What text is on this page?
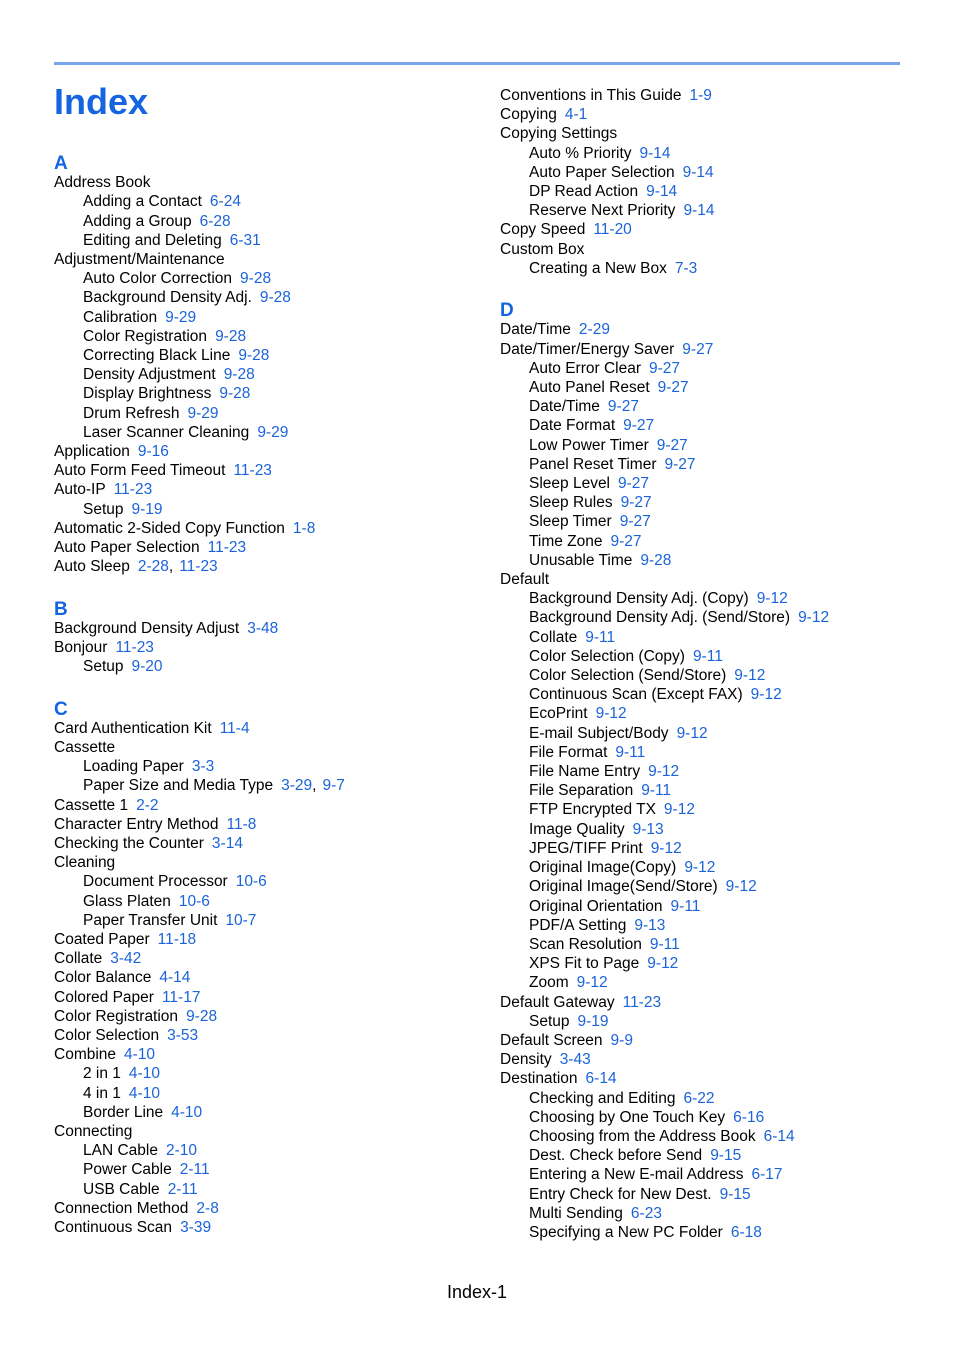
Index
A
Address Book
Adding a Contact 6-24
Adding a Group 6-28
Editing and Deleting 6-31
Adjustment/Maintenance
Auto Color Correction 9-28
Background Density Adj. 9-28
Calibration 9-29
Color Registration 9-28
Correcting Black Line 9-28
Density Adjustment 9-28
Display Brightness 9-28
Drum Refresh 9-29
Laser Scanner Cleaning 9-29
Application 9-16
Auto Form Feed Timeout 11-23
Auto-IP 11-23
Setup 9-19
Automatic 2-Sided Copy Function 1-8
Auto Paper Selection 11-23
Auto Sleep 2-28, 11-23
B
Background Density Adjust 3-48
Bonjour 11-23
Setup 9-20
C
Card Authentication Kit 11-4
Cassette
Loading Paper 3-3
Paper Size and Media Type 3-29, 9-7
Cassette 1 2-2
Character Entry Method 11-8
Checking the Counter 3-14
Cleaning
Document Processor 10-6
Glass Platen 10-6
Paper Transfer Unit 10-7
Coated Paper 11-18
Collate 3-42
Color Balance 4-14
Colored Paper 11-17
Color Registration 9-28
Color Selection 3-53
Combine 4-10
2 in 1 4-10
4 in 1 4-10
Border Line 4-10
Connecting
LAN Cable 2-10
Power Cable 2-11
USB Cable 2-11
Connection Method 2-8
Continuous Scan 3-39
Conventions in This Guide 1-9
Copying 4-1
Copying Settings
Auto % Priority 9-14
Auto Paper Selection 9-14
DP Read Action 9-14
Reserve Next Priority 9-14
Copy Speed 11-20
Custom Box
Creating a New Box 7-3
D
Date/Time 2-29
Date/Timer/Energy Saver 9-27
Auto Error Clear 9-27
Auto Panel Reset 9-27
Date/Time 9-27
Date Format 9-27
Low Power Timer 9-27
Panel Reset Timer 9-27
Sleep Level 9-27
Sleep Rules 9-27
Sleep Timer 9-27
Time Zone 9-27
Unusable Time 9-28
Default
Background Density Adj. (Copy) 9-12
Background Density Adj. (Send/Store) 9-12
Collate 9-11
Color Selection (Copy) 9-11
Color Selection (Send/Store) 9-12
Continuous Scan (Except FAX) 9-12
EcoPrint 9-12
E-mail Subject/Body 9-12
File Format 9-11
File Name Entry 9-12
File Separation 9-11
FTP Encrypted TX 9-12
Image Quality 9-13
JPEG/TIFF Print 9-12
Original Image(Copy) 9-12
Original Image(Send/Store) 9-12
Original Orientation 9-11
PDF/A Setting 9-13
Scan Resolution 9-11
XPS Fit to Page 9-12
Zoom 9-12
Default Gateway 11-23
Setup 9-19
Default Screen 9-9
Density 3-43
Destination 6-14
Checking and Editing 6-22
Choosing by One Touch Key 6-16
Choosing from the Address Book 6-14
Dest. Check before Send 9-15
Entering a New E-mail Address 6-17
Entry Check for New Dest. 9-15
Multi Sending 6-23
Specifying a New PC Folder 6-18
Index-1
